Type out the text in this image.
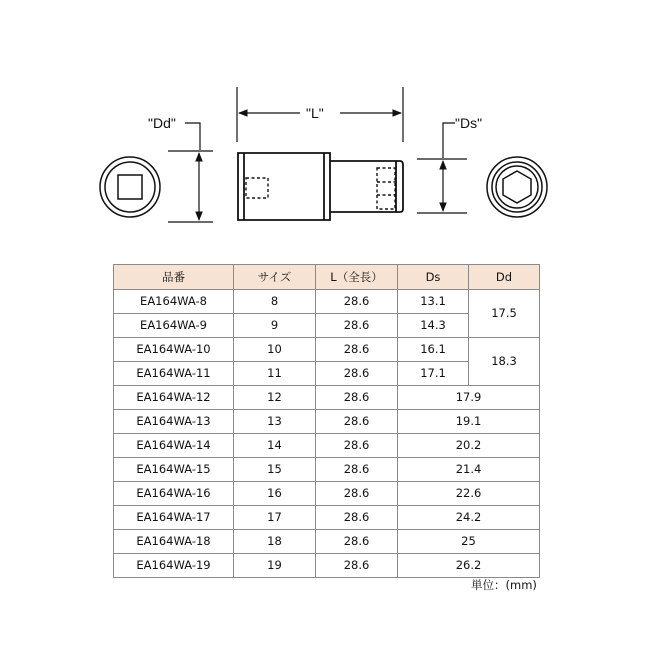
"Dd"
"L"
"Ds"
品番	サイズ	L（全長）	Ds	Dd
EA164WA-8	8	28.6	13.1	17.5
EA164WA-9	9	28.6	14.3	
EA164WA-10	10	28.6	16.1	18.3
EA164WA-11	11	28.6	17.1	
EA164WA-12	12	28.6	17.9	
EA164WA-13	13	28.6	19.1	
EA164WA-14	14	28.6	20.2	
EA164WA-15	15	28.6	21.4	
EA164WA-16	16	28.6	22.6	
EA164WA-17	17	28.6	24.2	
EA164WA-18	18	28.6	25	
EA164WA-19	19	28.6	26.2	
単位：(mm)
